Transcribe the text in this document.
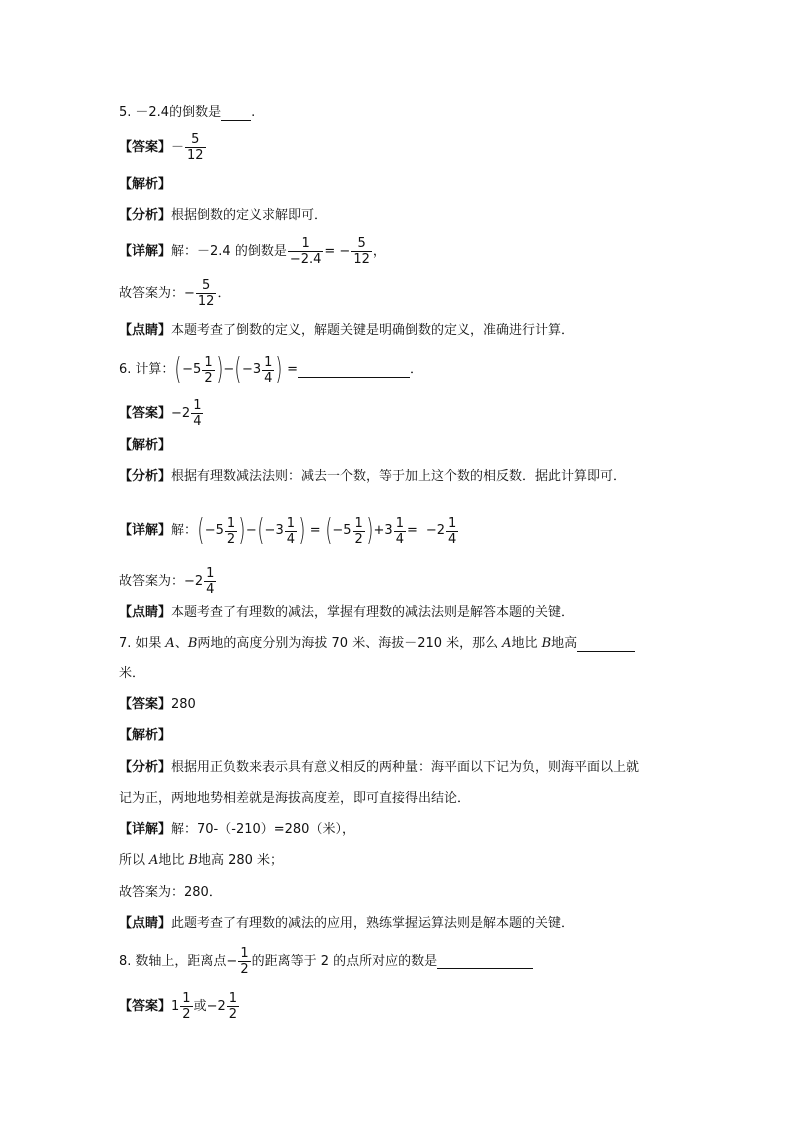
5. －2.4 的倒数是 .
【答案】 － $\frac{5}{12}$
【解析】
【分析】 根据倒数的定义求解即可．
【详解】 解：－2.4 的倒数是 $\frac{1}{-2.4}$ = − $\frac{5}{12}$ ，
故答案为：− $\frac{5}{12}$ ．
【点睛】 本题考查了倒数的定义，解题关键是明确倒数的定义，准确进行计算．
6. 计算： ( $-5 \frac{1}{2}$ ) − ( $-3 \frac{1}{4}$ ) =	．
【答案】 $-2 \frac{1}{4}$
【解析】
【分析】 根据有理数减法法则：减去一个数，等于加上这个数的相反数．据此计算即可．
【详解】 解： ( $-5 \frac{1}{2}$ ) − ( $-3 \frac{1}{4}$ ) = ( $-5 \frac{1}{2}$ ) $+3 \frac{1}{4} = -2 \frac{1}{4}$
故答案为：$-2 \frac{1}{4}$
【点睛】 本题考查了有理数的减法，掌握有理数的减法法则是解答本题的关键．
7. 如果 A 、 B 两地的高度分别为海拔 70 米、海拔－210 米，那么 A 地比 B 地高
米．
【答案】 280
【解析】
【分析】 根据用正负数来表示具有意义相反的两种量：海平面以下记为负，则海平面以上就
记为正，两地地势相差就是海拔高度差，即可直接得出结论．
【详解】 解：70-（-210）=280（米），
所以 A 地比 B 地高 280 米；
故答案为：280．
【点睛】 此题考查了有理数的减法的应用，熟练掌握运算法则是解本题的关键．
8. 数轴上，距离点 − $\frac{1}{2}$ 的距离等于 2 的点所对应的数是
【答案】 $1 \frac{1}{2}$ 或 $-2 \frac{1}{2}$
